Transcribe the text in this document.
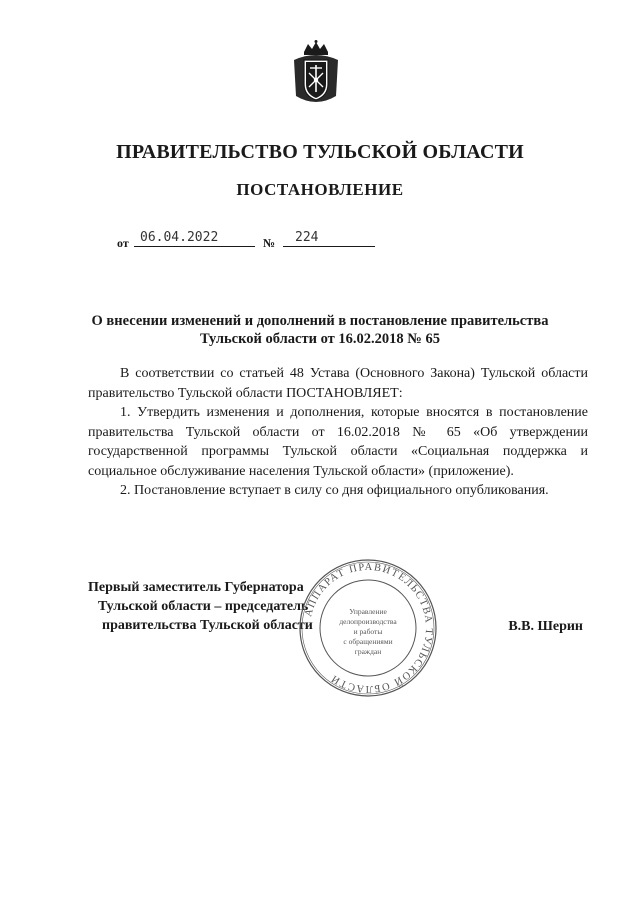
ПРАВИТЕЛЬСТВО ТУЛЬСКОЙ ОБЛАСТИ
ПОСТАНОВЛЕНИЕ
от 06.04.2022	№ 224
О внесении изменений и дополнений в постановление правительства
Тульской области от 16.02.2018 № 65

В соответствии со статьей 48 Устава (Основного Закона) Тульской области правительство Тульской области ПОСТАНОВЛЯЕТ:

1. Утвердить изменения и дополнения, которые вносятся в постановление правительства Тульской области от 16.02.2018 № 65 «Об утверждении государственной программы Тульской области «Социальная поддержка и социальное обслуживание населения Тульской области» (приложение).

2. Постановление вступает в силу со дня официального опубликования.

Первый заместитель Губернатора
Тульской области – председатель
правительства Тульской области	В.В. Шерин
АППАРАТ ПРАВИТЕЛЬСТВА ТУЛЬСКОЙ ОБЛАСТИ
Управление
делопроизводства
и работы
с обращениями
граждан
